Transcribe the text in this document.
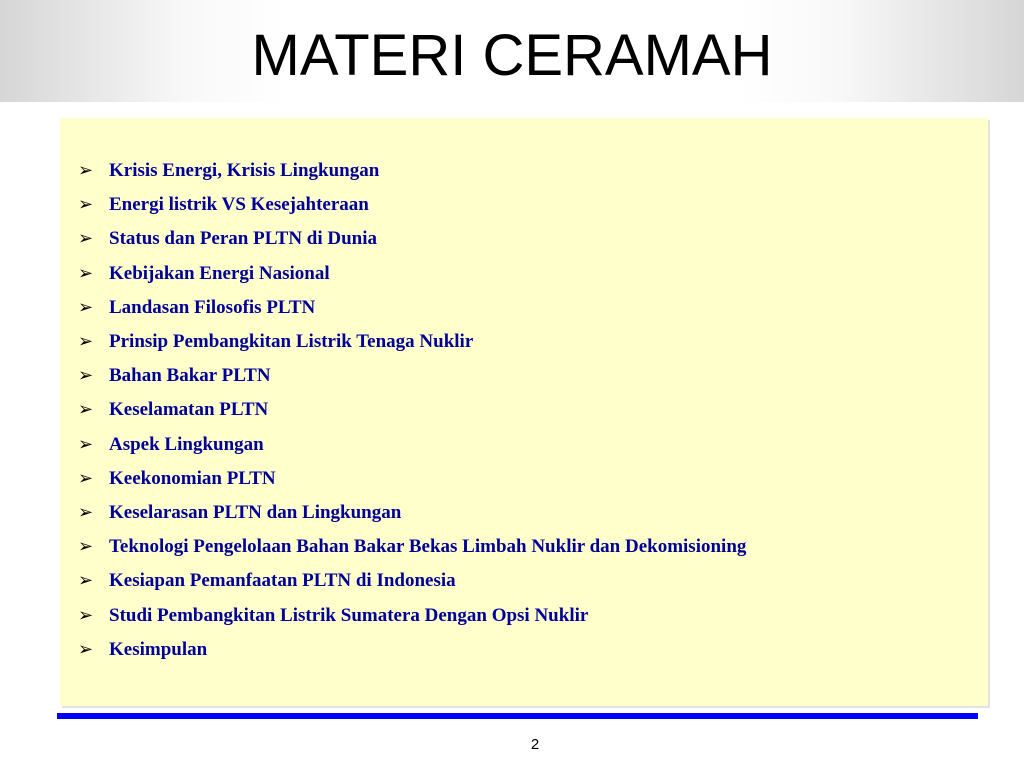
MATERI CERAMAH
➢ Krisis Energi, Krisis Lingkungan
➢ Energi listrik VS Kesejahteraan
➢ Status dan Peran PLTN di Dunia
➢ Kebijakan Energi Nasional
➢ Landasan Filosofis PLTN
➢ Prinsip Pembangkitan Listrik Tenaga Nuklir
➢ Bahan Bakar PLTN
➢ Keselamatan PLTN
➢ Aspek Lingkungan
➢ Keekonomian PLTN
➢ Keselarasan PLTN dan Lingkungan
➢ Teknologi Pengelolaan Bahan Bakar Bekas Limbah Nuklir dan Dekomisioning
➢ Kesiapan Pemanfaatan PLTN di Indonesia
➢ Studi Pembangkitan Listrik Sumatera Dengan Opsi Nuklir
➢ Kesimpulan
2
